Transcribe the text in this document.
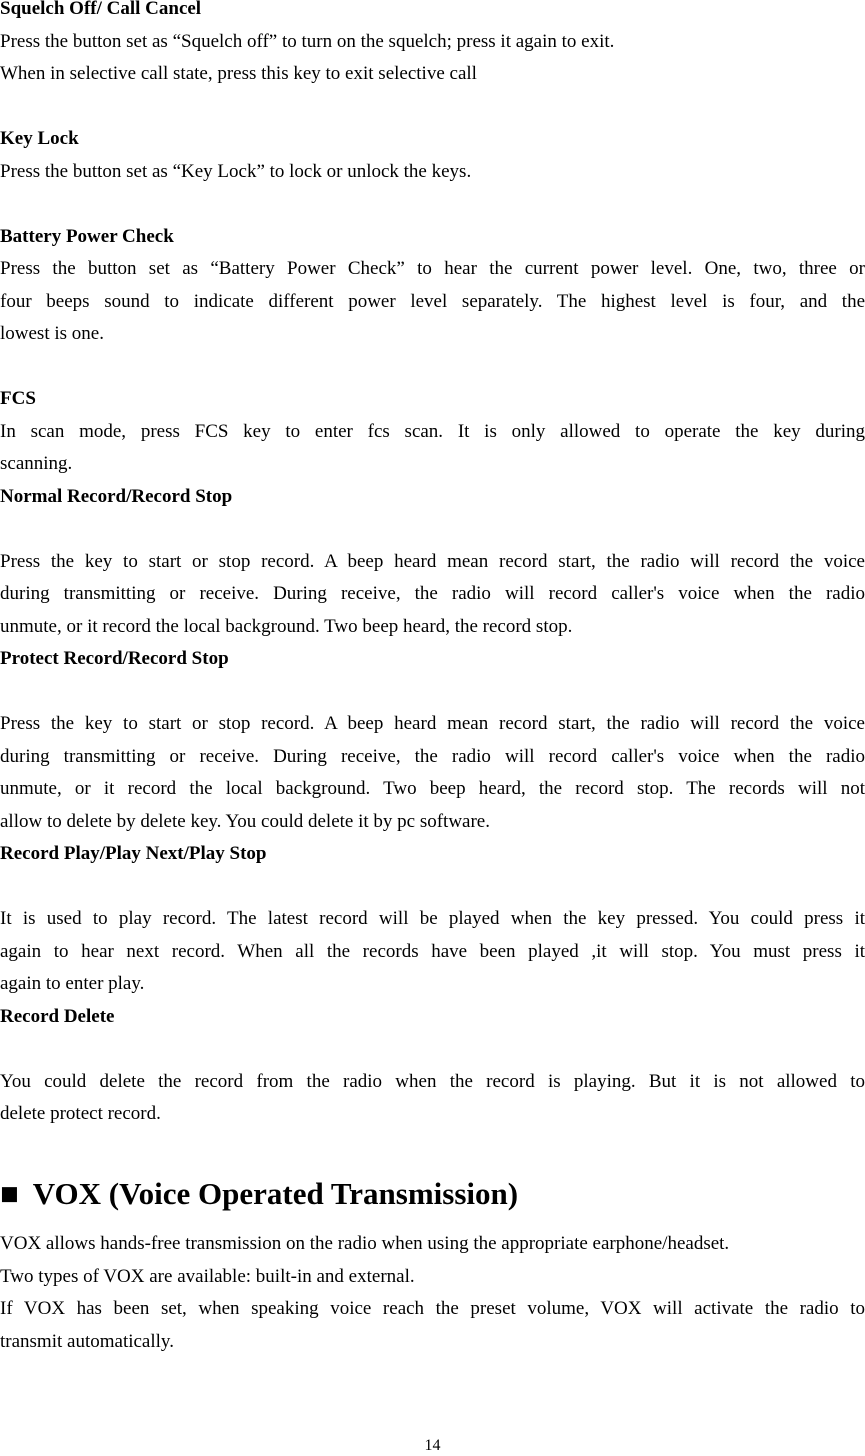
Squelch Off/ Call Cancel
Press the button set as “Squelch off” to turn on the squelch; press it again to exit.
When in selective call state, press this key to exit selective call
Key Lock
Press the button set as “Key Lock” to lock or unlock the keys.
Battery Power Check
Press the button set as “Battery Power Check” to hear the current power level. One, two, three or
four beeps sound to indicate different power level separately. The highest level is four, and the
lowest is one.
FCS
In scan mode, press FCS key to enter fcs scan. It is only allowed to operate the key during
scanning.
Normal Record/Record Stop
Press the key to start or stop record. A beep heard mean record start, the radio will record the voice
during transmitting or receive. During receive, the radio will record caller's voice when the radio
unmute, or it record the local background. Two beep heard, the record stop.
Protect Record/Record Stop
Press the key to start or stop record. A beep heard mean record start, the radio will record the voice
during transmitting or receive. During receive, the radio will record caller's voice when the radio
unmute, or it record the local background. Two beep heard, the record stop. The records will not
allow to delete by delete key. You could delete it by pc software.
Record Play/Play Next/Play Stop
It is used to play record. The latest record will be played when the key pressed. You could press it
again to hear next record. When all the records have been played ,it will stop. You must press it
again to enter play.
Record Delete
You could delete the record from the radio when the record is playing. But it is not allowed to
delete protect record.
■ VOX (Voice Operated Transmission)
VOX allows hands-free transmission on the radio when using the appropriate earphone/headset.
Two types of VOX are available: built-in and external.
If VOX has been set, when speaking voice reach the preset volume, VOX will activate the radio to
transmit automatically.
14
